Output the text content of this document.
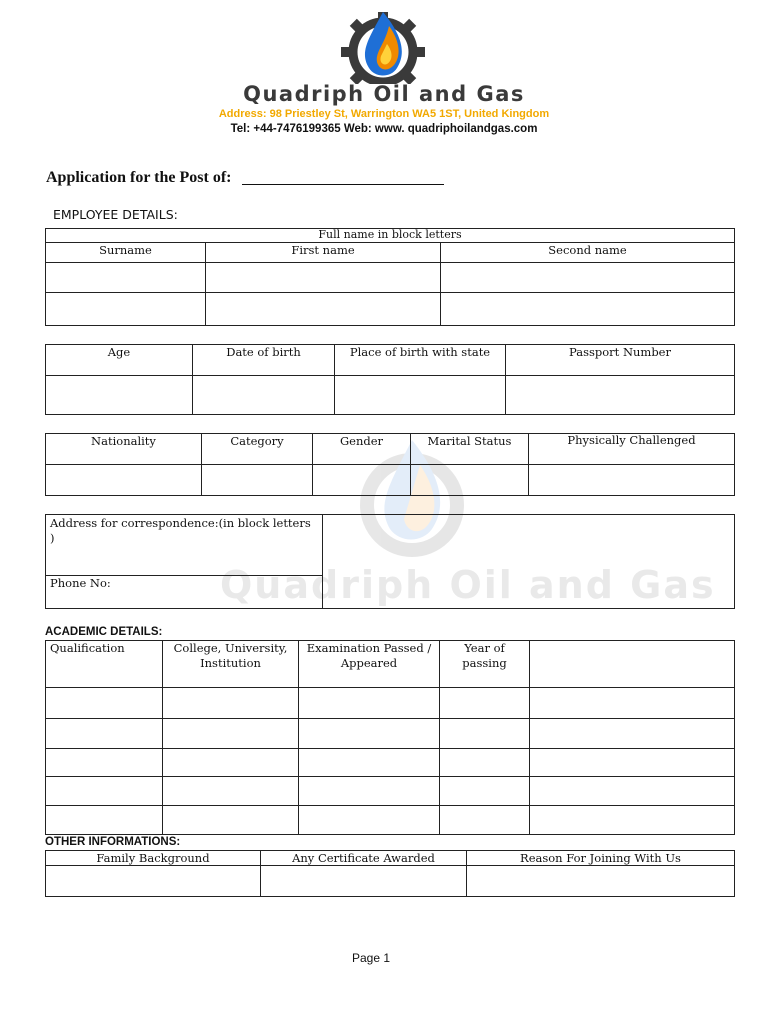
Quadriph Oil and Gas
Address: 98 Priestley St, Warrington WA5 1ST, United Kingdom
Tel: +44-7476199365 Web: www. quadriphoilandgas.com
Application for the Post of:
EMPLOYEE DETAILS:
Quadriph Oil and Gas
Full name in block letters		
Surname	First name	Second name

Age	Date of birth	Place of birth with state	Passport Number

Nationality	Category	Gender	Marital Status	Physically Challenged

Address for correspondence:(in block letters )	
Phone No:
ACADEMIC DETAILS:
Qualification	College, University, Institution	Examination Passed / Appeared	Year of passing	

OTHER INFORMATIONS:
Family Background	Any Certificate Awarded	Reason For Joining With Us

Page 1
